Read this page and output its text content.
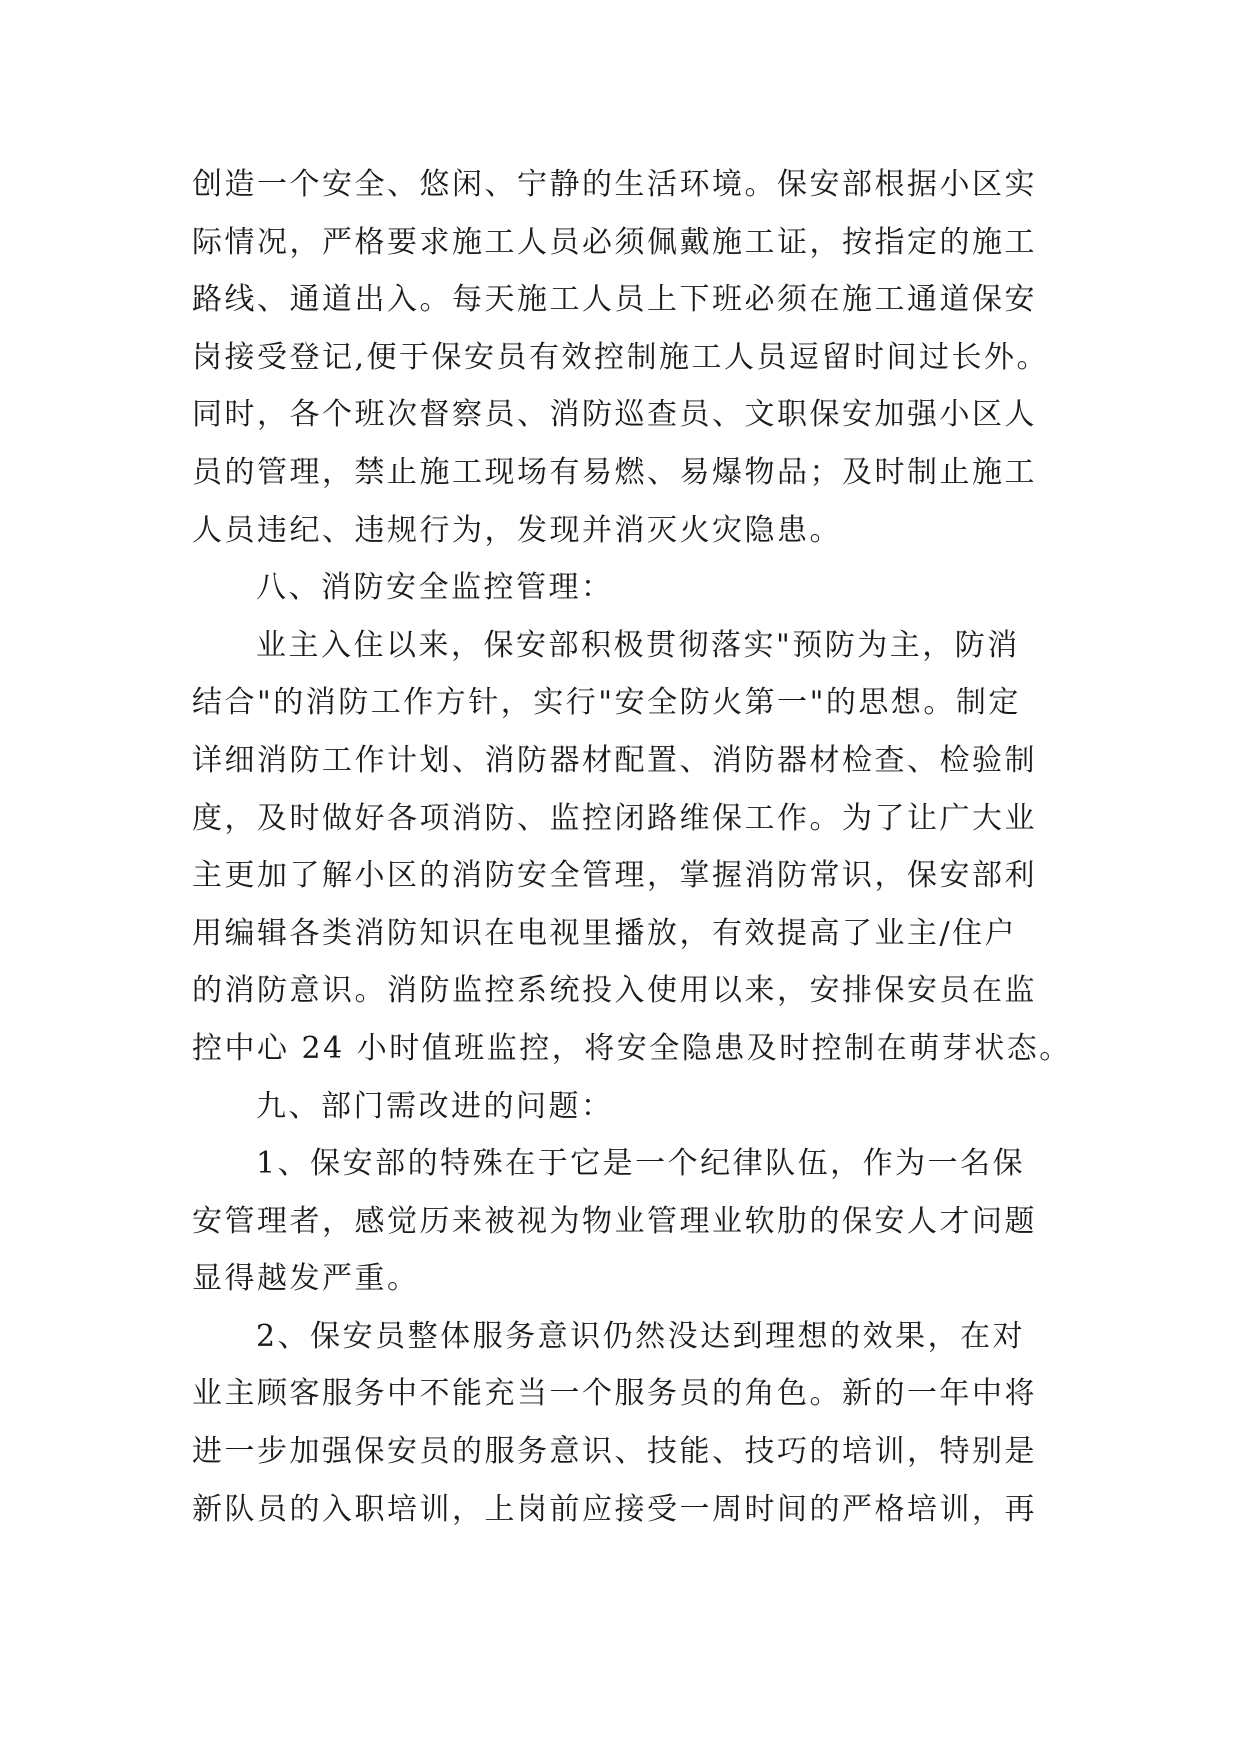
创造一个安全、悠闲、宁静的生活环境。保安部根据小区实
际情况，严格要求施工人员必须佩戴施工证，按指定的施工
路线、通道出入。每天施工人员上下班必须在施工通道保安
岗接受登记,便于保安员有效控制施工人员逗留时间过长外。
同时，各个班次督察员、消防巡查员、文职保安加强小区人
员的管理，禁止施工现场有易燃、易爆物品；及时制止施工
人员违纪、违规行为，发现并消灭火灾隐患。
八、消防安全监控管理：
业主入住以来，保安部积极贯彻落实"预防为主，防消
结合"的消防工作方针，实行"安全防火第一"的思想。制定
详细消防工作计划、消防器材配置、消防器材检查、检验制
度，及时做好各项消防、监控闭路维保工作。为了让广大业
主更加了解小区的消防安全管理，掌握消防常识，保安部利
用编辑各类消防知识在电视里播放，有效提高了业主/住户
的消防意识。消防监控系统投入使用以来，安排保安员在监
控中心 24 小时值班监控，将安全隐患及时控制在萌芽状态。
九、部门需改进的问题：
1、保安部的特殊在于它是一个纪律队伍，作为一名保
安管理者，感觉历来被视为物业管理业软肋的保安人才问题
显得越发严重。
2、保安员整体服务意识仍然没达到理想的效果，在对
业主顾客服务中不能充当一个服务员的角色。新的一年中将
进一步加强保安员的服务意识、技能、技巧的培训，特别是
新队员的入职培训，上岗前应接受一周时间的严格培训，再
